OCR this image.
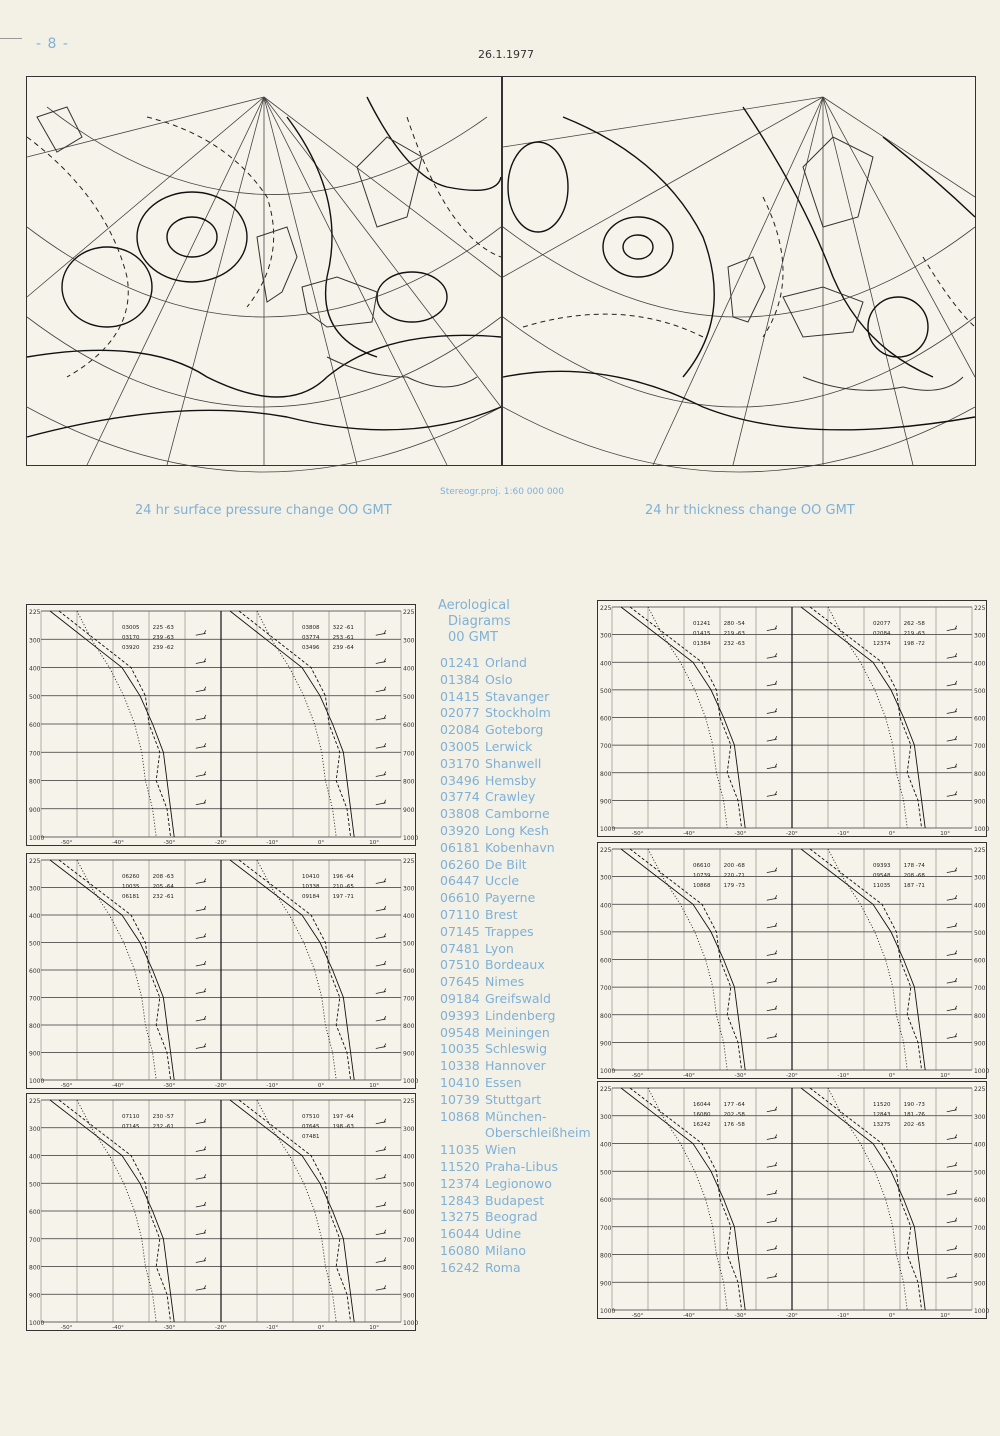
- 8 -
26.1.1977
Stereogr.proj. 1:60 000 000
24 hr surface pressure change OO GMT	24 hr thickness change OO GMT
225	225
300	300
400	400
500	500
600	600
700	700
800	800
900	900
1000	1000
-50°	-40°	-30°	-20°	-10°	0°	10°
03005 225 -63
03170 239 -63
03920 239 -62
03808 322 -61
03774 253 -61
03496 239 -64
225	225
300	300
400	400
500	500
600	600
700	700
800	800
900	900
1000	1000
-50°	-40°	-30°	-20°	-10°	0°	10°
06260 208 -63
10035 205 -64
06181 232 -61
10410 196 -64
10338 210 -65
09184 197 -71
225	225
300	300
400	400
500	500
600	600
700	700
800	800
900	900
1000	1000
-50°	-40°	-30°	-20°	-10°	0°	10°
07110 230 -57
07145 232 -61
07510 197 -64
07645 198 -63
07481
225	225
300	300
400	400
500	500
600	600
700	700
800	800
900	900
1000	1000
-50°	-40°	-30°	-20°	-10°	0°	10°
01241 280 -54
01415 219 -63
01384 232 -63
02077 262 -58
02084 219 -63
12374 198 -72
225	225
300	300
400	400
500	500
600	600
700	700
800	800
900	900
1000	1000
-50°	-40°	-30°	-20°	-10°	0°	10°
06610 200 -68
10739 220 -71
10868 179 -73
09393 178 -74
09548 208 -68
11035 187 -71
225	225
300	300
400	400
500	500
600	600
700	700
800	800
900	900
1000	1000
-50°	-40°	-30°	-20°	-10°	0°	10°
16044 177 -64
16080 202 -58
16242 176 -58
11520 190 -73
12843 181 -76
13275 202 -65
Aerological
Diagrams
00 GMT
01241 Orland
01384 Oslo
01415 Stavanger
02077 Stockholm
02084 Goteborg
03005 Lerwick
03170 Shanwell
03496 Hemsby
03774 Crawley
03808 Camborne
03920 Long Kesh
06181 Kobenhavn
06260 De Bilt
06447 Uccle
06610 Payerne
07110 Brest
07145 Trappes
07481 Lyon
07510 Bordeaux
07645 Nimes
09184 Greifswald
09393 Lindenberg
09548 Meiningen
10035 Schleswig
10338 Hannover
10410 Essen
10739 Stuttgart
10868 München-
Oberschleißheim
11035 Wien
11520 Praha-Libus
12374 Legionowo
12843 Budapest
13275 Beograd
16044 Udine
16080 Milano
16242 Roma
